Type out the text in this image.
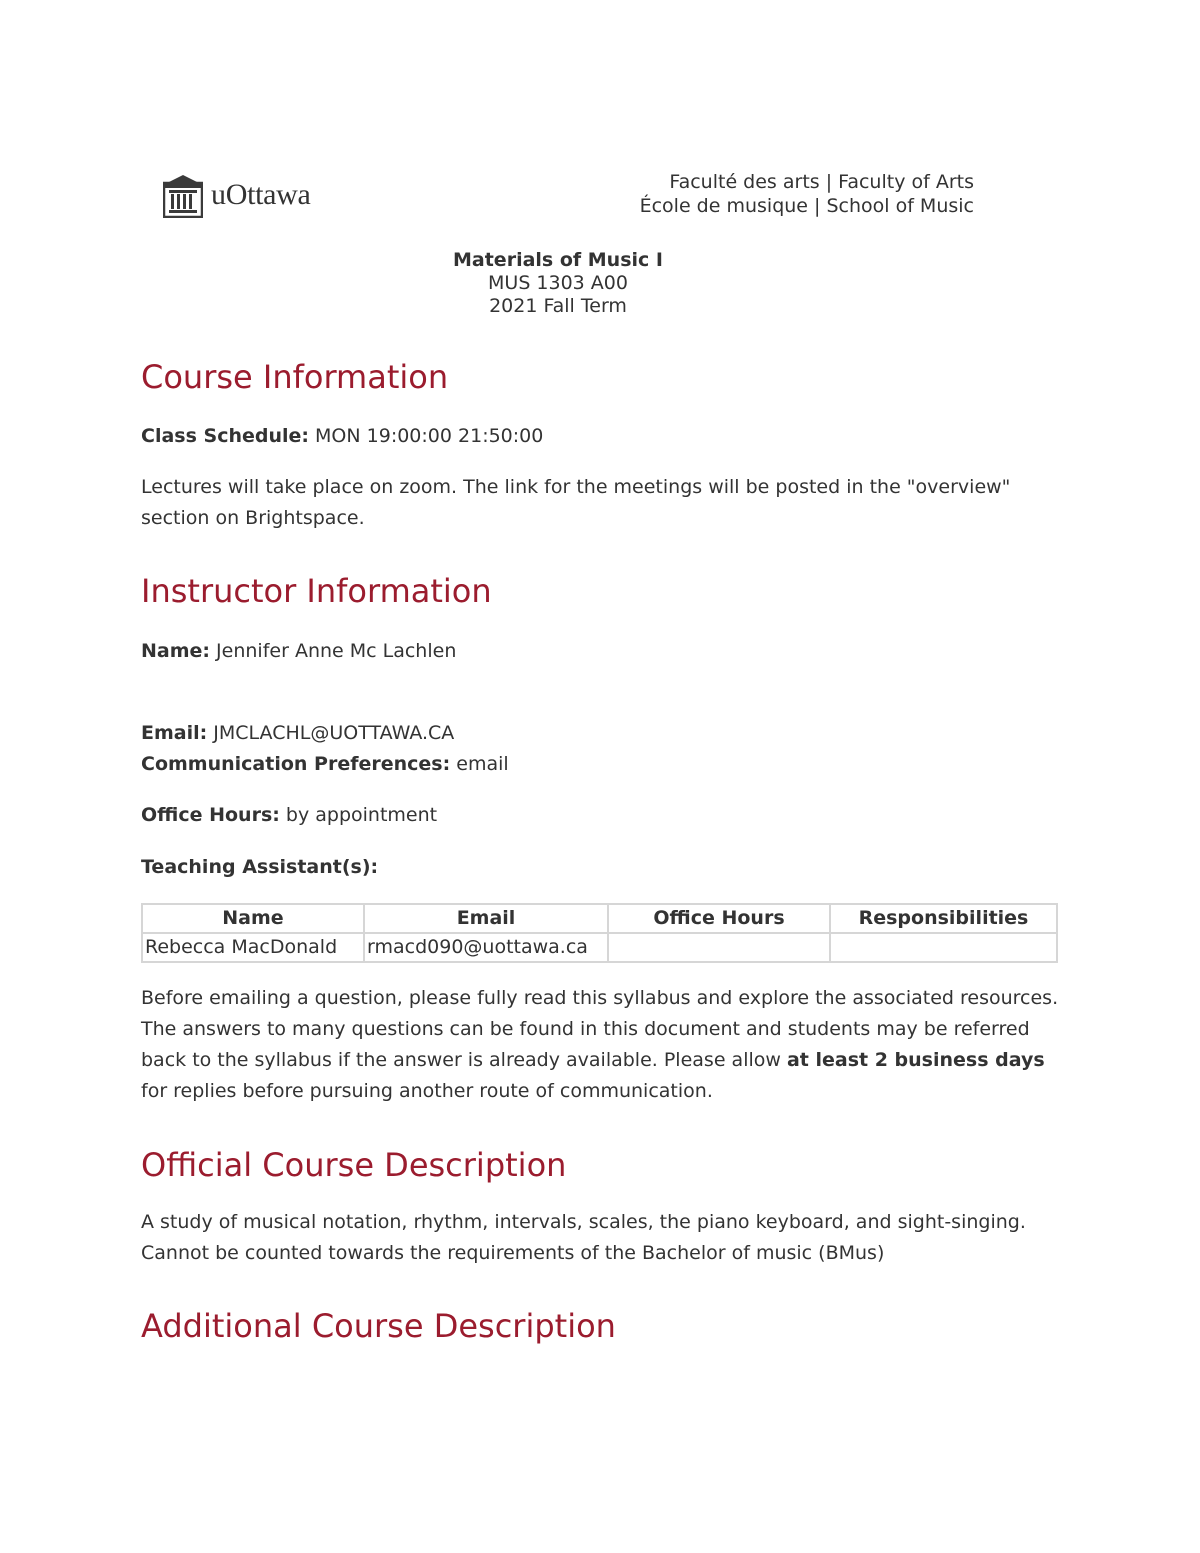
uOttawa	Faculté des arts | Faculty of Arts
École de musique | School of Music
Materials of Music I
MUS 1303 A00
2021 Fall Term
Course Information

Class Schedule: MON 19:00:00 21:50:00

Lectures will take place on zoom. The link for the meetings will be posted in the "overview" section on Brightspace.

Instructor Information

Name: Jennifer Anne Mc Lachlen

Email: JMCLACHL@UOTTAWA.CA

Communication Preferences: email

Office Hours: by appointment

Teaching Assistant(s):

Name	Email	Office Hours	Responsibilities
Rebecca MacDonald	rmacd090@uottawa.ca		

Before emailing a question, please fully read this syllabus and explore the associated resources. The answers to many questions can be found in this document and students may be referred back to the syllabus if the answer is already available. Please allow at least 2 business days for replies before pursuing another route of communication.

Official Course Description

A study of musical notation, rhythm, intervals, scales, the piano keyboard, and sight-singing. Cannot be counted towards the requirements of the Bachelor of music (BMus)

Additional Course Description
